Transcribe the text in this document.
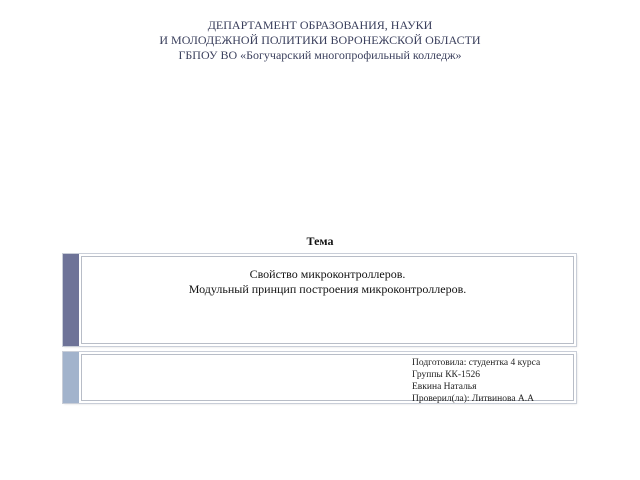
ДЕПАРТАМЕНТ ОБРАЗОВАНИЯ, НАУКИ
И МОЛОДЕЖНОЙ ПОЛИТИКИ ВОРОНЕЖСКОЙ ОБЛАСТИ
ГБПОУ ВО «Богучарский многопрофильный колледж»
Тема
Свойство микроконтроллеров.
Модульный принцип построения микроконтроллеров.
Подготовила: студентка 4 курса
Группы КК-1526
Евкина Наталья
Проверил(ла): Литвинова А.А
